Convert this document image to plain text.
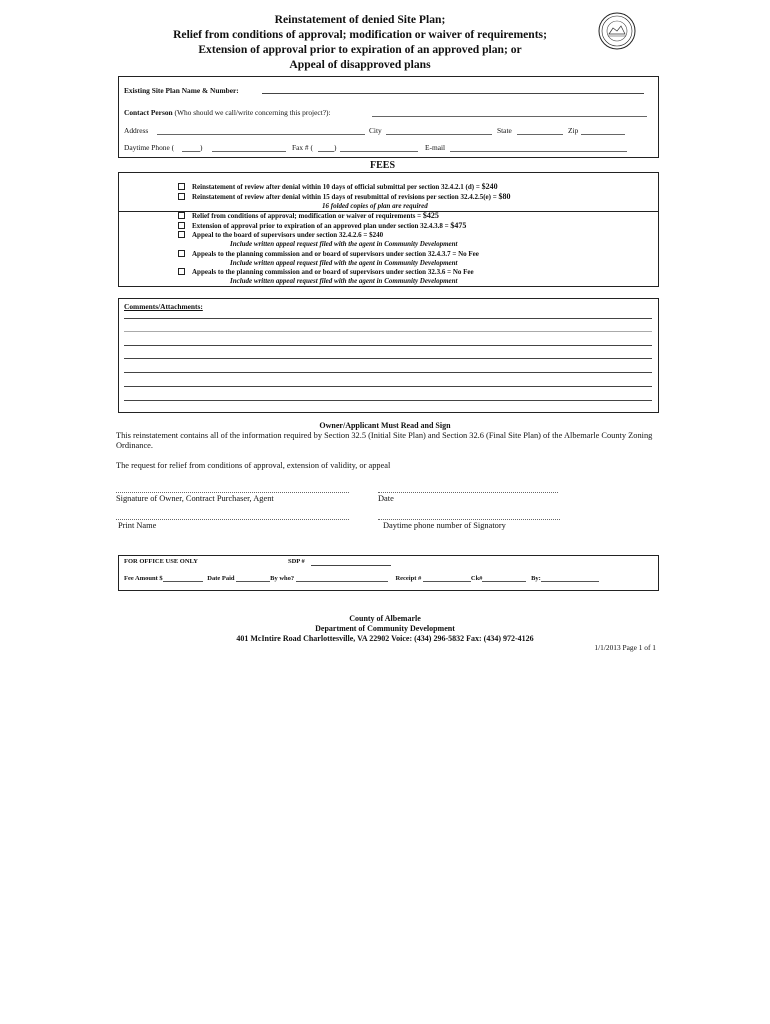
Reinstatement of denied Site Plan;
Relief from conditions of approval; modification or waiver of requirements;
Extension of approval prior to expiration of an approved plan; or
Appeal of disapproved plans
Existing Site Plan Name & Number:
Contact Person (Who should we call/write concerning this project?):
Address	City	State	Zip
Daytime Phone (	)	Fax # (	)	E-mail
FEES
Reinstatement of review after denial within 10 days of official submittal per section 32.4.2.1 (d) = $240
Reinstatement of review after denial within 15 days of resubmittal of revisions per section 32.4.2.5(e) = $80
16 folded copies of plan are required
Relief from conditions of approval; modification or waiver of requirements = $425
Extension of approval prior to expiration of an approved plan under section 32.4.3.8 = $475
Appeal to the board of supervisors under section 32.4.2.6 = $240
Include written appeal request filed with the agent in Community Development
Appeals to the planning commission and or board of supervisors under section 32.4.3.7 = No Fee
Include written appeal request filed with the agent in Community Development
Appeals to the planning commission and or board of supervisors under section 32.3.6 = No Fee
Include written appeal request filed with the agent in Community Development
Comments/Attachments:
Owner/Applicant Must Read and Sign
This reinstatement contains all of the information required by Section 32.5 (Initial Site Plan) and Section 32.6 (Final Site Plan) of the Albemarle County Zoning Ordinance.
The request for relief from conditions of approval, extension of validity, or appeal
Signature of Owner, Contract Purchaser, Agent	Date
Print Name	Daytime phone number of Signatory
FOR OFFICE USE ONLY	SDP #
Fee Amount $	Date Paid	By who?	Receipt #	Ck#	By:
County of Albemarle
Department of Community Development
401 McIntire Road Charlottesville, VA 22902 Voice: (434) 296-5832 Fax: (434) 972-4126
1/1/2013 Page 1 of 1
